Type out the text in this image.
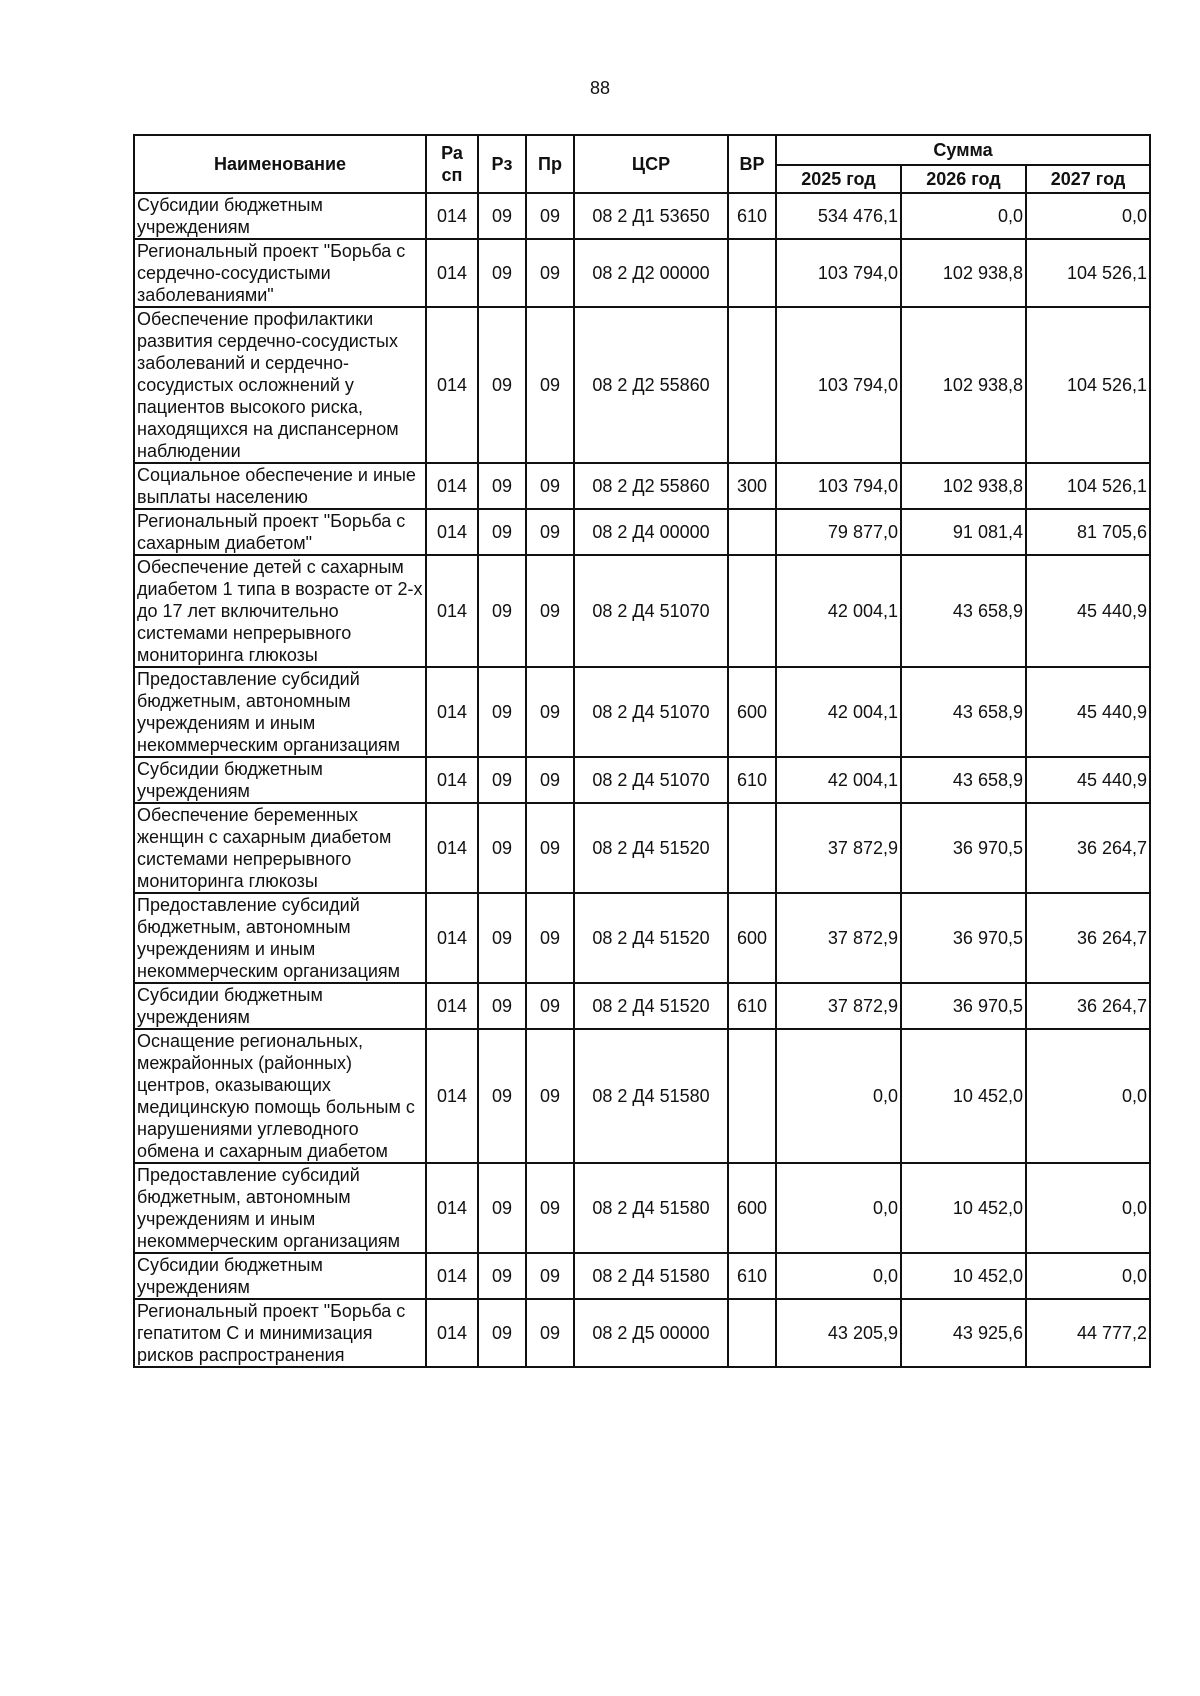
88
Наименование	Ра сп	Рз	Пр	ЦСР	ВР	Сумма		
						2025 год	2026 год	2027 год
Субсидии бюджетным учреждениям	014	09	09	08 2 Д1 53650	610	534 476,1	0,0	0,0
Региональный проект "Борьба с сердечно-сосудистыми заболеваниями"	014	09	09	08 2 Д2 00000		103 794,0	102 938,8	104 526,1
Обеспечение профилактики развития сердечно-сосудистых заболеваний и сердечно-сосудистых осложнений у пациентов высокого риска, находящихся на диспансерном наблюдении	014	09	09	08 2 Д2 55860		103 794,0	102 938,8	104 526,1
Социальное обеспечение и иные выплаты населению	014	09	09	08 2 Д2 55860	300	103 794,0	102 938,8	104 526,1
Региональный проект "Борьба с сахарным диабетом"	014	09	09	08 2 Д4 00000		79 877,0	91 081,4	81 705,6
Обеспечение детей с сахарным диабетом 1 типа в возрасте от 2-х до 17 лет включительно системами непрерывного мониторинга глюкозы	014	09	09	08 2 Д4 51070		42 004,1	43 658,9	45 440,9
Предоставление субсидий бюджетным, автономным учреждениям и иным некоммерческим организациям	014	09	09	08 2 Д4 51070	600	42 004,1	43 658,9	45 440,9
Субсидии бюджетным учреждениям	014	09	09	08 2 Д4 51070	610	42 004,1	43 658,9	45 440,9
Обеспечение беременных женщин с сахарным диабетом системами непрерывного мониторинга глюкозы	014	09	09	08 2 Д4 51520		37 872,9	36 970,5	36 264,7
Предоставление субсидий бюджетным, автономным учреждениям и иным некоммерческим организациям	014	09	09	08 2 Д4 51520	600	37 872,9	36 970,5	36 264,7
Субсидии бюджетным учреждениям	014	09	09	08 2 Д4 51520	610	37 872,9	36 970,5	36 264,7
Оснащение региональных, межрайонных (районных) центров, оказывающих медицинскую помощь больным с нарушениями углеводного обмена и сахарным диабетом	014	09	09	08 2 Д4 51580		0,0	10 452,0	0,0
Предоставление субсидий бюджетным, автономным учреждениям и иным некоммерческим организациям	014	09	09	08 2 Д4 51580	600	0,0	10 452,0	0,0
Субсидии бюджетным учреждениям	014	09	09	08 2 Д4 51580	610	0,0	10 452,0	0,0
Региональный проект "Борьба с гепатитом С и минимизация рисков распространения	014	09	09	08 2 Д5 00000		43 205,9	43 925,6	44 777,2
